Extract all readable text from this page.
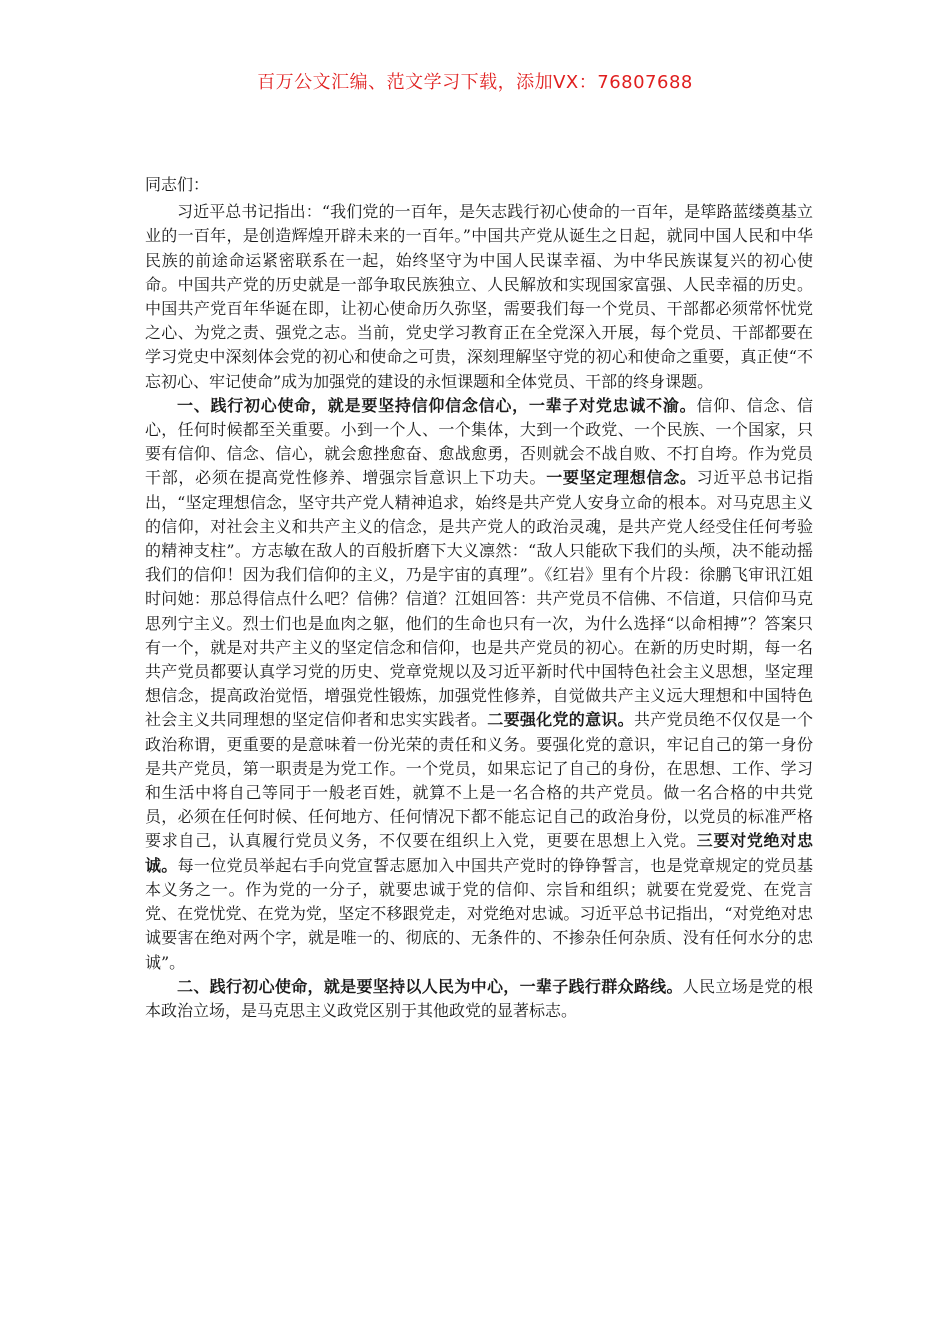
百万公文汇编、范文学习下载，添加VX：76807688

同志们：

习近平总书记指出：“我们党的一百年，是矢志践行初心使命的一百年，是筚路蓝缕奠基立业的一百年，是创造辉煌开辟未来的一百年。”中国共产党从诞生之日起，就同中国人民和中华民族的前途命运紧密联系在一起，始终坚守为中国人民谋幸福、为中华民族谋复兴的初心使命。中国共产党的历史就是一部争取民族独立、人民解放和实现国家富强、人民幸福的历史。中国共产党百年华诞在即，让初心使命历久弥坚，需要我们每一个党员、干部都必须常怀忧党之心、为党之责、强党之志。当前，党史学习教育正在全党深入开展，每个党员、干部都要在学习党史中深刻体会党的初心和使命之可贵，深刻理解坚守党的初心和使命之重要，真正使“不忘初心、牢记使命”成为加强党的建设的永恒课题和全体党员、干部的终身课题。

一、践行初心使命，就是要坚持信仰信念信心，一辈子对党忠诚不渝。信仰、信念、信心，任何时候都至关重要。小到一个人、一个集体，大到一个政党、一个民族、一个国家，只要有信仰、信念、信心，就会愈挫愈奋、愈战愈勇，否则就会不战自败、不打自垮。作为党员干部，必须在提高党性修养、增强宗旨意识上下功夫。一要坚定理想信念。习近平总书记指出，“坚定理想信念，坚守共产党人精神追求，始终是共产党人安身立命的根本。对马克思主义的信仰，对社会主义和共产主义的信念，是共产党人的政治灵魂，是共产党人经受住任何考验的精神支柱”。方志敏在敌人的百般折磨下大义凛然：“敌人只能砍下我们的头颅，决不能动摇我们的信仰！因为我们信仰的主义，乃是宇宙的真理”。《红岩》里有个片段：徐鹏飞审讯江姐时问她：那总得信点什么吧？信佛？信道？江姐回答：共产党员不信佛、不信道，只信仰马克思列宁主义。烈士们也是血肉之躯，他们的生命也只有一次，为什么选择“以命相搏”？答案只有一个，就是对共产主义的坚定信念和信仰，也是共产党员的初心。在新的历史时期，每一名共产党员都要认真学习党的历史、党章党规以及习近平新时代中国特色社会主义思想，坚定理想信念，提高政治觉悟，增强党性锻炼，加强党性修养，自觉做共产主义远大理想和中国特色社会主义共同理想的坚定信仰者和忠实实践者。二要强化党的意识。共产党员绝不仅仅是一个政治称谓，更重要的是意味着一份光荣的责任和义务。要强化党的意识，牢记自己的第一身份是共产党员，第一职责是为党工作。一个党员，如果忘记了自己的身份，在思想、工作、学习和生活中将自己等同于一般老百姓，就算不上是一名合格的共产党员。做一名合格的中共党员，必须在任何时候、任何地方、任何情况下都不能忘记自己的政治身份，以党员的标准严格要求自己，认真履行党员义务，不仅要在组织上入党，更要在思想上入党。三要对党绝对忠诚。每一位党员举起右手向党宣誓志愿加入中国共产党时的铮铮誓言，也是党章规定的党员基本义务之一。作为党的一分子，就要忠诚于党的信仰、宗旨和组织；就要在党爱党、在党言党、在党忧党、在党为党，坚定不移跟党走，对党绝对忠诚。习近平总书记指出，“对党绝对忠诚要害在绝对两个字，就是唯一的、彻底的、无条件的、不掺杂任何杂质、没有任何水分的忠诚”。

二、践行初心使命，就是要坚持以人民为中心，一辈子践行群众路线。人民立场是党的根本政治立场，是马克思主义政党区别于其他政党的显著标志。
